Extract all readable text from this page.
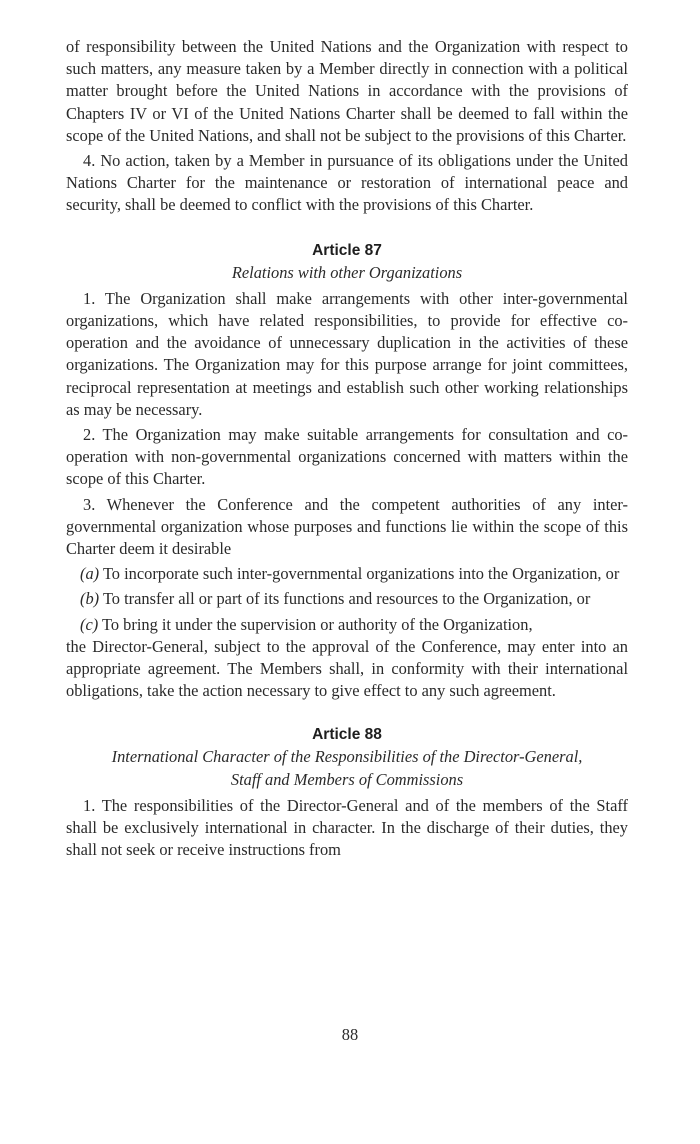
of responsibility between the United Nations and the Organization with respect to such matters, any measure taken by a Member directly in connection with a political matter brought before the United Nations in accordance with the provisions of Chapters IV or VI of the United Nations Charter shall be deemed to fall within the scope of the United Nations, and shall not be subject to the provisions of this Charter.

4. No action, taken by a Member in pursuance of its obligations under the United Nations Charter for the maintenance or restoration of international peace and security, shall be deemed to conflict with the provisions of this Charter.

Article 87

Relations with other Organizations

1. The Organization shall make arrangements with other inter-governmental organizations, which have related responsibilities, to provide for effective co-operation and the avoidance of unnecessary duplication in the activities of these organizations. The Organization may for this purpose arrange for joint committees, reciprocal representation at meetings and establish such other working relationships as may be necessary.

2. The Organization may make suitable arrangements for consultation and co-operation with non-governmental organizations concerned with matters within the scope of this Charter.

3. Whenever the Conference and the competent authorities of any inter-governmental organization whose purposes and functions lie within the scope of this Charter deem it desirable

(a) To incorporate such inter-governmental organizations into the Organization, or

(b) To transfer all or part of its functions and resources to the Organization, or

(c) To bring it under the supervision or authority of the Organization,

the Director-General, subject to the approval of the Conference, may enter into an appropriate agreement. The Members shall, in conformity with their international obligations, take the action necessary to give effect to any such agreement.

Article 88

International Character of the Responsibilities of the Director-General,

Staff and Members of Commissions

1. The responsibilities of the Director-General and of the members of the Staff shall be exclusively international in character. In the discharge of their duties, they shall not seek or receive instructions from

88
